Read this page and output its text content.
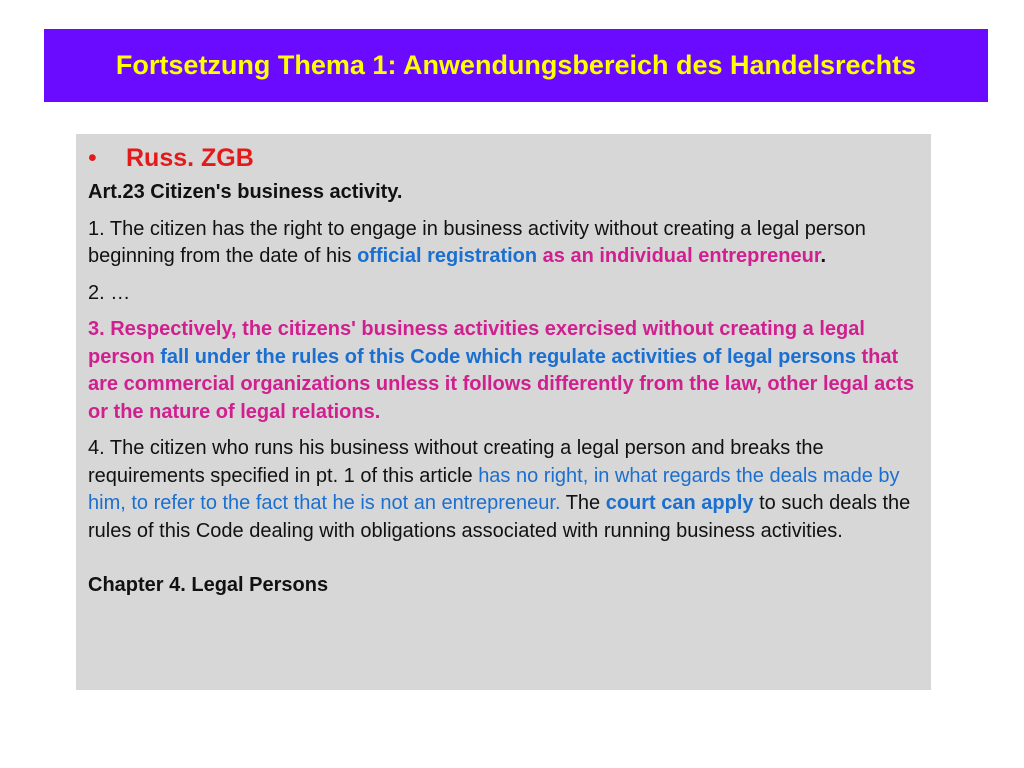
Fortsetzung Thema 1: Anwendungsbereich des Handelsrechts
•	Russ. ZGB

Art.23 Citizen's business activity.

1. The citizen has the right to engage in business activity without creating a legal person beginning from the date of his official registration as an individual entrepreneur.

2. …

3. Respectively, the citizens' business activities exercised without creating a legal person fall under the rules of this Code which regulate activities of legal persons that are commercial organizations unless it follows differently from the law, other legal acts or the nature of legal relations.

4. The citizen who runs his business without creating a legal person and breaks the requirements specified in pt. 1 of this article has no right, in what regards the deals made by him, to refer to the fact that he is not an entrepreneur. The court can apply to such deals the rules of this Code dealing with obligations associated with running business activities.

Chapter 4. Legal Persons
